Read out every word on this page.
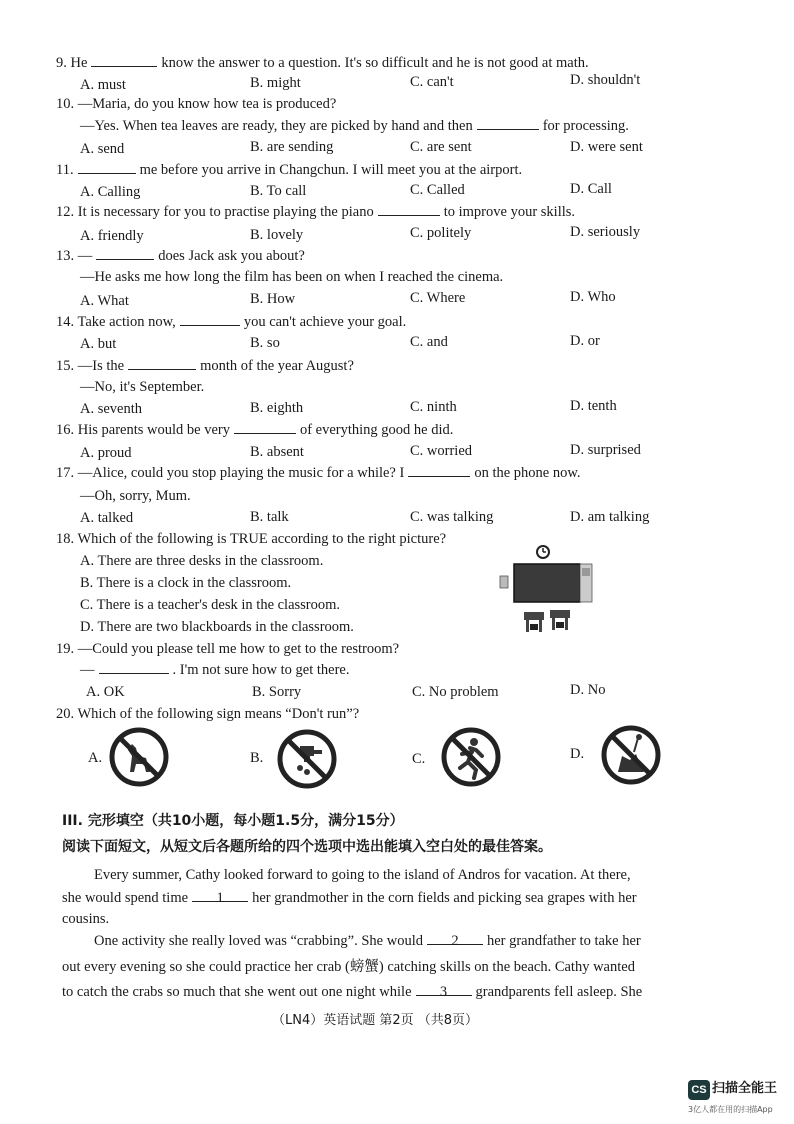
9. He	know the answer to a question. It's so difficult and he is not good at math.
A. must	B. might	C. can't	D. shouldn't
10. —Maria, do you know how tea is produced?
—Yes. When tea leaves are ready, they are picked by hand and then	for processing.
A. send	B. are sending	C. are sent	D. were sent
11.	me before you arrive in Changchun. I will meet you at the airport.
A. Calling	B. To call	C. Called	D. Call
12. It is necessary for you to practise playing the piano	to improve your skills.
A. friendly	B. lovely	C. politely	D. seriously
13. —	does Jack ask you about?
—He asks me how long the film has been on when I reached the cinema.
A. What	B. How	C. Where	D. Who
14. Take action now,	you can't achieve your goal.
A. but	B. so	C. and	D. or
15. —Is the	month of the year August?
—No, it's September.
A. seventh	B. eighth	C. ninth	D. tenth
16. His parents would be very	of everything good he did.
A. proud	B. absent	C. worried	D. surprised
17. —Alice, could you stop playing the music for a while? I	on the phone now.
—Oh, sorry, Mum.
A. talked	B. talk	C. was talking	D. am talking
18. Which of the following is TRUE according to the right picture?
A. There are three desks in the classroom.
B. There is a clock in the classroom.
C. There is a teacher's desk in the classroom.
D. There are two blackboards in the classroom.
19. —Could you please tell me how to get to the restroom?
—	. I'm not sure how to get there.
A. OK	B. Sorry	C. No problem	D. No
20. Which of the following sign means “Don't run”?
A.	B.	C.	D.
III. 完形填空（共10小题，每小题1.5分，满分15分）
阅读下面短文，从短文后各题所给的四个选项中选出能填入空白处的最佳答案。
Every summer, Cathy looked forward to going to the island of Andros for vacation. At there,
she would spend time 1 her grandmother in the corn fields and picking sea grapes with her
cousins.
One activity she really loved was “crabbing”. She would 2 her grandfather to take her
out every evening so she could practice her crab (螃蟹) catching skills on the beach. Cathy wanted
to catch the crabs so much that she went out one night while 3 grandparents fell asleep. She
（LN4）英语试题 第2页 （共8页）
CS 扫描全能王
3亿人都在用的扫描App
